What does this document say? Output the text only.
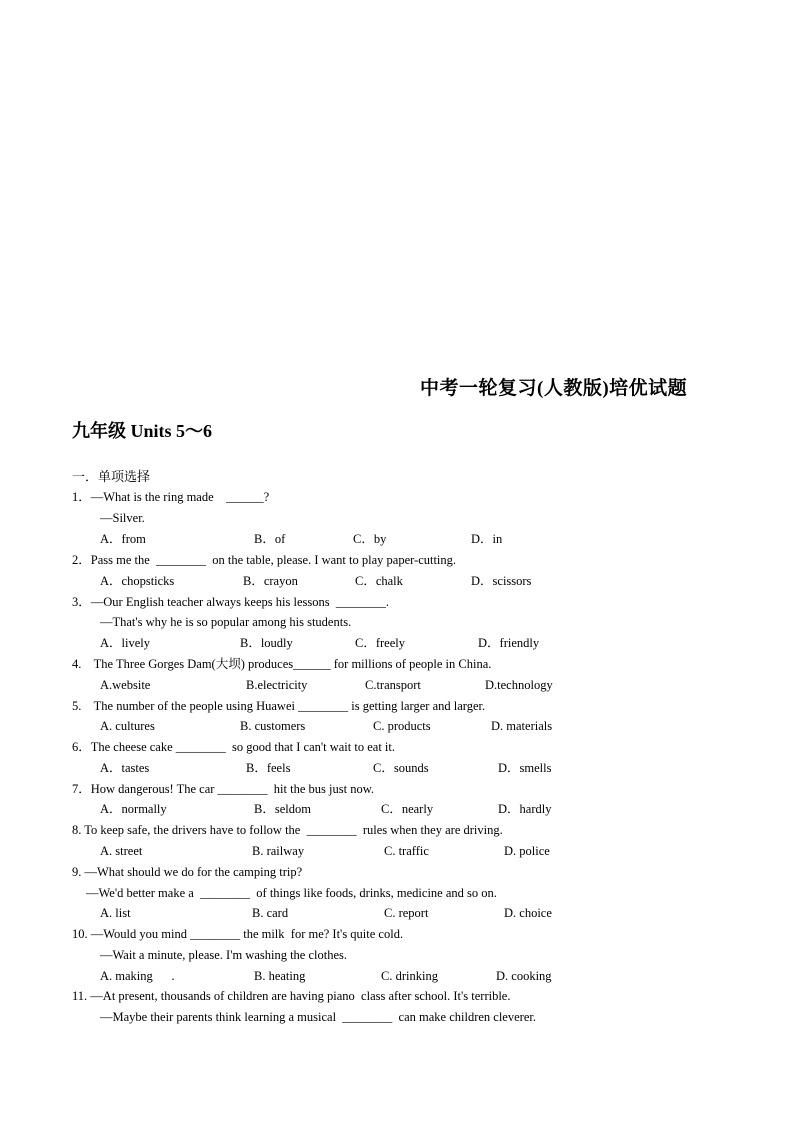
中考一轮复习(人教版)培优试题
九年级 Units 5～6
一．单项选择
1．—What is the ring made    ______?
—Silver.

A．from

	B．of

	C．by

	D．in

2．Pass me the  ________  on the table, please. I want to play paper-cutting.

A．chopsticks

	B．crayon

	C．chalk

	D．scissors

3．—Our English teacher always keeps his lessons  ________.
—That's why he is so popular among his students.

A．lively

	B．loudly

	C．freely

	D．friendly

4.    The Three Gorges Dam(大坝) produces______ for millions of people in China.

A.website

	B.electricity

	C.transport

	D.technology

5.    The number of the people using Huawei ________ is getting larger and larger.

A. cultures

	B. customers

	C. products

	D. materials

6．The cheese cake ________  so good that I can't wait to eat it.

A．tastes

	B．feels

	C．sounds

	D．smells

7．How dangerous! The car ________  hit the bus just now.

A．normally

	B．seldom

	C．nearly

	D．hardly

8. To keep safe, the drivers have to follow the  ________  rules when they are driving.

A. street

	B. railway

	C. traffic

	D. police

9. —What should we do for the camping trip?
—We'd better make a  ________  of things like foods, drinks, medicine and so on.

A. list

	B. card

	C. report

	D. choice

10. —Would you mind ________ the milk  for me? It's quite cold.
—Wait a minute, please. I'm washing the clothes.

A. making      .

	B. heating

	C. drinking

	D. cooking

11. —At present, thousands of children are having piano  class after school. It's terrible.
—Maybe their parents think learning a musical  ________  can make children cleverer.
